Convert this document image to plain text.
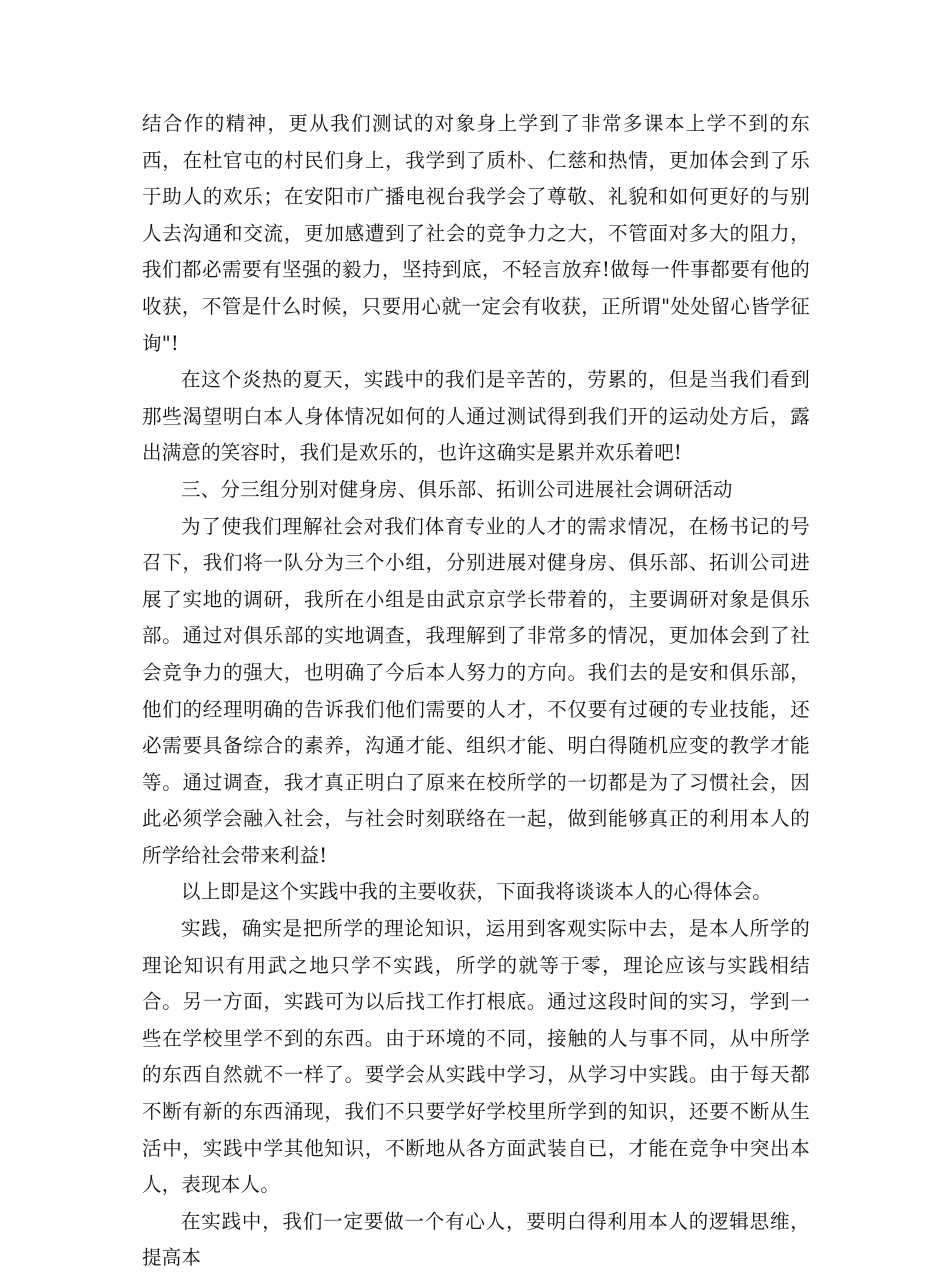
结合作的精神，更从我们测试的对象身上学到了非常多课本上学不到的东西，在杜官屯的村民们身上，我学到了质朴、仁慈和热情，更加体会到了乐于助人的欢乐；在安阳市广播电视台我学会了尊敬、礼貌和如何更好的与别人去沟通和交流，更加感遭到了社会的竞争力之大，不管面对多大的阻力，我们都必需要有坚强的毅力，坚持到底，不轻言放弃!做每一件事都要有他的收获，不管是什么时候，只要用心就一定会有收获，正所谓"处处留心皆学征询"!

在这个炎热的夏天，实践中的我们是辛苦的，劳累的，但是当我们看到那些渴望明白本人身体情况如何的人通过测试得到我们开的运动处方后，露出满意的笑容时，我们是欢乐的，也许这确实是累并欢乐着吧!

三、分三组分别对健身房、俱乐部、拓训公司进展社会调研活动

为了使我们理解社会对我们体育专业的人才的需求情况，在杨书记的号召下，我们将一队分为三个小组，分别进展对健身房、俱乐部、拓训公司进展了实地的调研，我所在小组是由武京京学长带着的，主要调研对象是俱乐部。通过对俱乐部的实地调查，我理解到了非常多的情况，更加体会到了社会竞争力的强大，也明确了今后本人努力的方向。我们去的是安和俱乐部，他们的经理明确的告诉我们他们需要的人才，不仅要有过硬的专业技能，还必需要具备综合的素养，沟通才能、组织才能、明白得随机应变的教学才能等。通过调查，我才真正明白了原来在校所学的一切都是为了习惯社会，因此必须学会融入社会，与社会时刻联络在一起，做到能够真正的利用本人的所学给社会带来利益!

以上即是这个实践中我的主要收获，下面我将谈谈本人的心得体会。

实践，确实是把所学的理论知识，运用到客观实际中去，是本人所学的理论知识有用武之地只学不实践，所学的就等于零，理论应该与实践相结合。另一方面，实践可为以后找工作打根底。通过这段时间的实习，学到一些在学校里学不到的东西。由于环境的不同，接触的人与事不同，从中所学的东西自然就不一样了。要学会从实践中学习，从学习中实践。由于每天都不断有新的东西涌现，我们不只要学好学校里所学到的知识，还要不断从生活中，实践中学其他知识，不断地从各方面武装自已，才能在竞争中突出本人，表现本人。

在实践中，我们一定要做一个有心人，要明白得利用本人的逻辑思维，提高本
